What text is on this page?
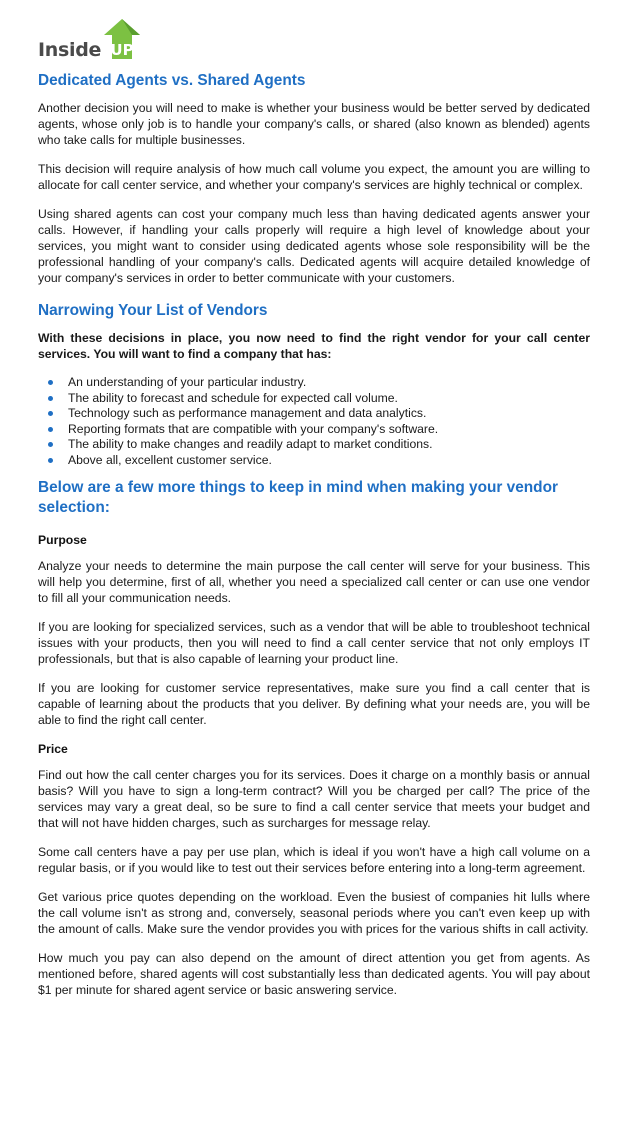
Inside UP
Dedicated Agents vs. Shared Agents

Another decision you will need to make is whether your business would be better served by dedicated agents, whose only job is to handle your company's calls, or shared (also known as blended) agents who take calls for multiple businesses.

This decision will require analysis of how much call volume you expect, the amount you are willing to allocate for call center service, and whether your company's services are highly technical or complex.

Using shared agents can cost your company much less than having dedicated agents answer your calls. However, if handling your calls properly will require a high level of knowledge about your services, you might want to consider using dedicated agents whose sole responsibility will be the professional handling of your company's calls. Dedicated agents will acquire detailed knowledge of your company's services in order to better communicate with your customers.

Narrowing Your List of Vendors

With these decisions in place, you now need to find the right vendor for your call center services. You will want to find a company that has:

An understanding of your particular industry.
The ability to forecast and schedule for expected call volume.
Technology such as performance management and data analytics.
Reporting formats that are compatible with your company's software.
The ability to make changes and readily adapt to market conditions.
Above all, excellent customer service.
Below are a few more things to keep in mind when making your vendor selection:
Purpose

Analyze your needs to determine the main purpose the call center will serve for your business. This will help you determine, first of all, whether you need a specialized call center or can use one vendor to fill all your communication needs.

If you are looking for specialized services, such as a vendor that will be able to troubleshoot technical issues with your products, then you will need to find a call center service that not only employs IT professionals, but that is also capable of learning your product line.

If you are looking for customer service representatives, make sure you find a call center that is capable of learning about the products that you deliver. By defining what your needs are, you will be able to find the right call center.

Price

Find out how the call center charges you for its services. Does it charge on a monthly basis or annual basis? Will you have to sign a long-term contract? Will you be charged per call? The price of the services may vary a great deal, so be sure to find a call center service that meets your budget and that will not have hidden charges, such as surcharges for message relay.

Some call centers have a pay per use plan, which is ideal if you won't have a high call volume on a regular basis, or if you would like to test out their services before entering into a long-term agreement.

Get various price quotes depending on the workload. Even the busiest of companies hit lulls where the call volume isn't as strong and, conversely, seasonal periods where you can't even keep up with the amount of calls. Make sure the vendor provides you with prices for the various shifts in call activity.

How much you pay can also depend on the amount of direct attention you get from agents. As mentioned before, shared agents will cost substantially less than dedicated agents. You will pay about $1 per minute for shared agent service or basic answering service.
